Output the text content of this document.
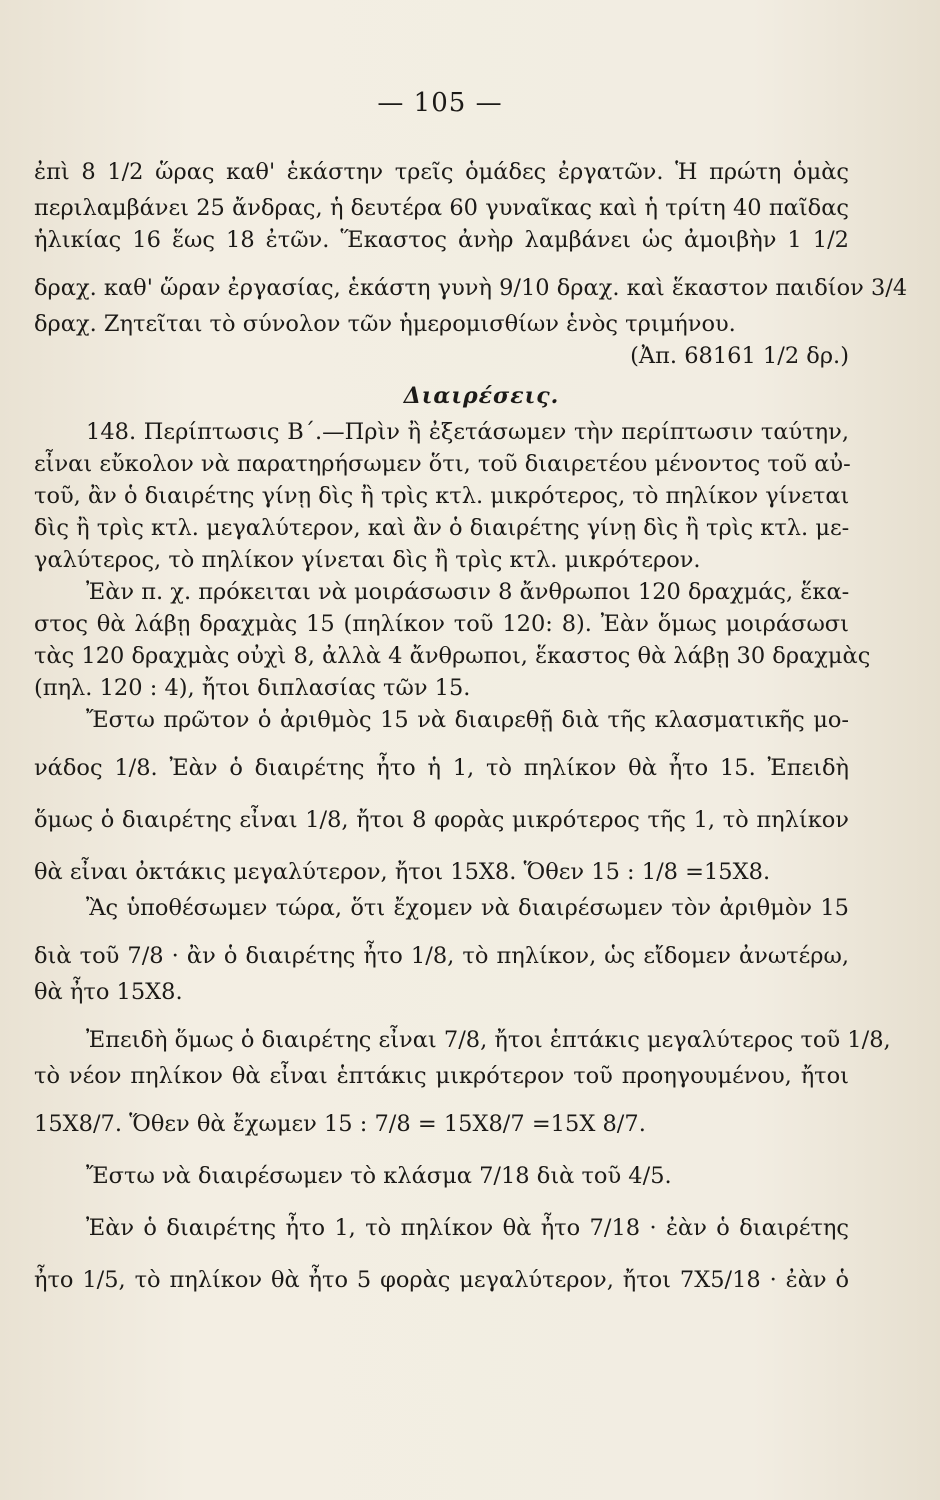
— 105 —
ἐπὶ 8 1/2 ὥρας καθ' ἑκάστην τρεῖς ὁμάδες ἐργατῶν. Ἡ πρώτη ὁμὰς
περιλαμβάνει 25 ἄνδρας, ἡ δευτέρα 60 γυναῖκας καὶ ἡ τρίτη 40 παῖδας
ἡλικίας 16 ἕως 18 ἐτῶν. Ἕκαστος ἀνὴρ λαμβάνει ὡς ἀμοιβὴν 1 1/2
δραχ. καθ' ὥραν ἐργασίας, ἑκάστη γυνὴ 9/10 δραχ. καὶ ἕκαστον παιδίον 3/4
δραχ. Ζητεῖται τὸ σύνολον τῶν ἡμερομισθίων ἑνὸς τριμήνου.
(Ἀπ. 68161 1/2 δρ.)
Διαιρέσεις.
148. Περίπτωσις Β΄.—Πρὶν ἢ ἐξετάσωμεν τὴν περίπτωσιν ταύτην,
εἶναι εὔκολον νὰ παρατηρήσωμεν ὅτι, τοῦ διαιρετέου μένοντος τοῦ αὐ-
τοῦ, ἂν ὁ διαιρέτης γίνῃ δὶς ἢ τρὶς κτλ. μικρότερος, τὸ πηλίκον γίνεται
δὶς ἢ τρὶς κτλ. μεγαλύτερον, καὶ ἂν ὁ διαιρέτης γίνῃ δὶς ἢ τρὶς κτλ. με-
γαλύτερος, τὸ πηλίκον γίνεται δὶς ἢ τρὶς κτλ. μικρότερον.
Ἐὰν π. χ. πρόκειται νὰ μοιράσωσιν 8 ἄνθρωποι 120 δραχμάς, ἕκα-
στος θὰ λάβῃ δραχμὰς 15 (πηλίκον τοῦ 120: 8). Ἐὰν ὅμως μοιράσωσι
τὰς 120 δραχμὰς οὐχὶ 8, ἀλλὰ 4 ἄνθρωποι, ἕκαστος θὰ λάβῃ 30 δραχμὰς
(πηλ. 120 : 4), ἤτοι διπλασίας τῶν 15.
Ἔστω πρῶτον ὁ ἀριθμὸς 15 νὰ διαιρεθῇ διὰ τῆς κλασματικῆς μο-
νάδος 1/8. Ἐὰν ὁ διαιρέτης ἦτο ἡ 1, τὸ πηλίκον θὰ ἦτο 15. Ἐπειδὴ
ὅμως ὁ διαιρέτης εἶναι 1/8, ἤτοι 8 φορὰς μικρότερος τῆς 1, τὸ πηλίκον
θὰ εἶναι ὀκτάκις μεγαλύτερον, ἤτοι 15X8. Ὅθεν 15 : 1/8 =15X8.
Ἂς ὑποθέσωμεν τώρα, ὅτι ἔχομεν νὰ διαιρέσωμεν τὸν ἀριθμὸν 15
διὰ τοῦ 7/8 · ἂν ὁ διαιρέτης ἦτο 1/8, τὸ πηλίκον, ὡς εἴδομεν ἀνωτέρω,
θὰ ἦτο 15X8.
Ἐπειδὴ ὅμως ὁ διαιρέτης εἶναι 7/8, ἤτοι ἑπτάκις μεγαλύτερος τοῦ 1/8,
τὸ νέον πηλίκον θὰ εἶναι ἑπτάκις μικρότερον τοῦ προηγουμένου, ἤτοι
15X8/7. Ὅθεν θὰ ἔχωμεν 15 : 7/8 = 15X8/7 =15X 8/7.
Ἔστω νὰ διαιρέσωμεν τὸ κλάσμα 7/18 διὰ τοῦ 4/5.
Ἐὰν ὁ διαιρέτης ἦτο 1, τὸ πηλίκον θὰ ἦτο 7/18 · ἐὰν ὁ διαιρέτης
ἦτο 1/5, τὸ πηλίκον θὰ ἦτο 5 φορὰς μεγαλύτερον, ἤτοι 7X5/18 · ἐὰν ὁ
